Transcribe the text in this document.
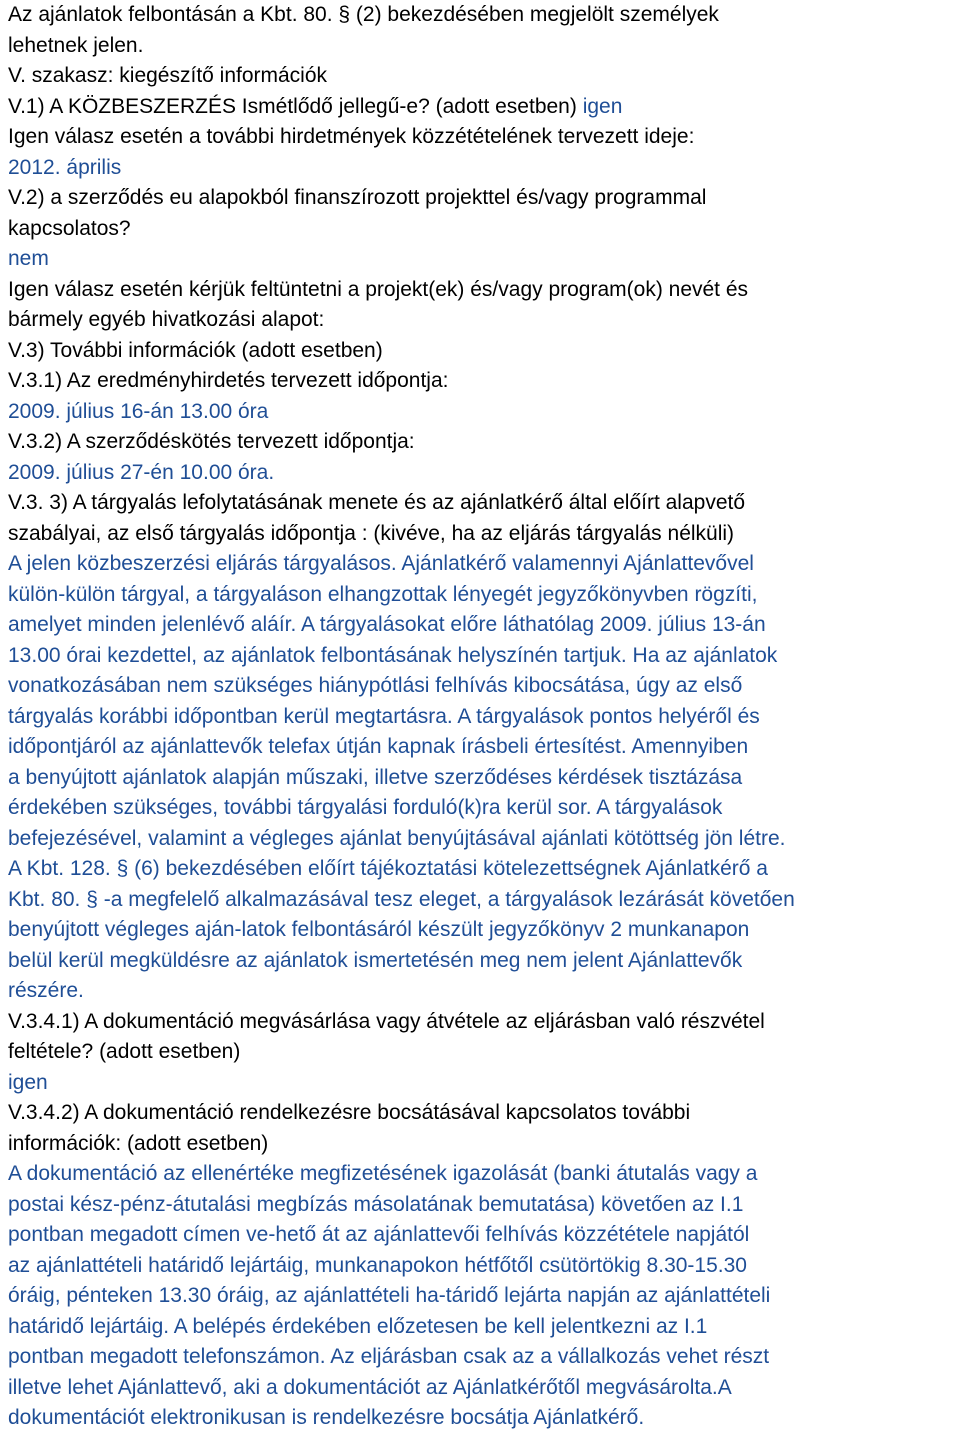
Az ajánlatok felbontásán a Kbt. 80. § (2) bekezdésében megjelölt személyek
lehetnek jelen.
V. szakasz: kiegészítő információk
V.1) A KÖZBESZERZÉS Ismétlődő jellegű-e? (adott esetben) igen
Igen válasz esetén a további hirdetmények közzétételének tervezett ideje:
2012. április
V.2) a szerződés eu alapokból finanszírozott projekttel és/vagy programmal
kapcsolatos?
nem
Igen válasz esetén kérjük feltüntetni a projekt(ek) és/vagy program(ok) nevét és
bármely egyéb hivatkozási alapot:
V.3) További információk (adott esetben)
V.3.1) Az eredményhirdetés tervezett időpontja:
2009. július 16-án 13.00 óra
V.3.2) A szerződéskötés tervezett időpontja:
2009. július 27-én 10.00 óra.
V.3. 3) A tárgyalás lefolytatásának menete és az ajánlatkérő által előírt alapvető
szabályai, az első tárgyalás időpontja : (kivéve, ha az eljárás tárgyalás nélküli)
A jelen közbeszerzési eljárás tárgyalásos. Ajánlatkérő valamennyi Ajánlattevővel
külön-külön tárgyal, a tárgyaláson elhangzottak lényegét jegyzőkönyvben rögzíti,
amelyet minden jelenlévő aláír. A tárgyalásokat előre láthatólag 2009. július 13-án
13.00 órai kezdettel, az ajánlatok felbontásának helyszínén tartjuk. Ha az ajánlatok
vonatkozásában nem szükséges hiánypótlási felhívás kibocsátása, úgy az első
tárgyalás korábbi időpontban kerül megtartásra. A tárgyalások pontos helyéről és
időpontjáról az ajánlattevők telefax útján kapnak írásbeli értesítést. Amennyiben
a benyújtott ajánlatok alapján műszaki, illetve szerződéses kérdések tisztázása
érdekében szükséges, további tárgyalási forduló(k)ra kerül sor. A tárgyalások
befejezésével, valamint a végleges ajánlat benyújtásával ajánlati kötöttség jön létre.
A Kbt. 128. § (6) bekezdésében előírt tájékoztatási kötelezettségnek Ajánlatkérő a
Kbt. 80. § -a megfelelő alkalmazásával tesz eleget, a tárgyalások lezárását követően
benyújtott végleges aján-latok felbontásáról készült jegyzőkönyv 2 munkanapon
belül kerül megküldésre az ajánlatok ismertetésén meg nem jelent Ajánlattevők
részére.
V.3.4.1) A dokumentáció megvásárlása vagy átvétele az eljárásban való részvétel
feltétele? (adott esetben)
igen
V.3.4.2) A dokumentáció rendelkezésre bocsátásával kapcsolatos további
információk: (adott esetben)
A dokumentáció az ellenértéke megfizetésének igazolását (banki átutalás vagy a
postai kész-pénz-átutalási megbízás másolatának bemutatása) követően az I.1
pontban megadott címen ve-hető át az ajánlattevői felhívás közzététele napjától
az ajánlattételi határidő lejártáig, munkanapokon hétfőtől csütörtökig 8.30-15.30
óráig, pénteken 13.30 óráig, az ajánlattételi ha-táridő lejárta napján az ajánlattételi
határidő lejártáig. A belépés érdekében előzetesen be kell jelentkezni az I.1
pontban megadott telefonszámon. Az eljárásban csak az a vállalkozás vehet részt
illetve lehet Ajánlattevő, aki a dokumentációt az Ajánlatkérőtől megvásárolta.A
dokumentációt elektronikusan is rendelkezésre bocsátja Ajánlatkérő.
